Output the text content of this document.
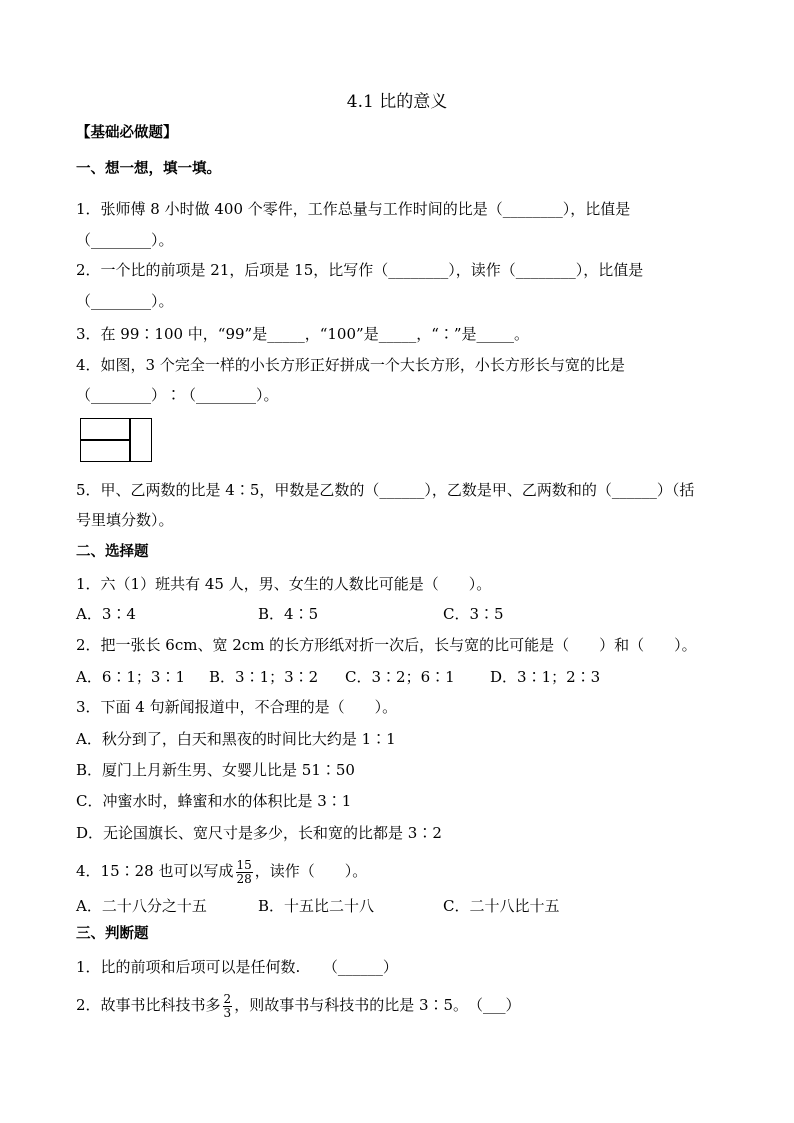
4.1 比的意义
【基础必做题】
一、想一想，填一填。
1．张师傅 8 小时做 400 个零件，工作总量与工作时间的比是（________），比值是
（________）。
2．一个比的前项是 21，后项是 15，比写作（________），读作（________），比值是
（________）。
3．在 99∶100 中，“99”是_____，“100”是_____，“∶”是_____。
4．如图，3 个完全一样的小长方形正好拼成一个大长方形，小长方形长与宽的比是
（________）∶（________）。
5．甲、乙两数的比是 4∶5，甲数是乙数的（______），乙数是甲、乙两数和的（______）（括
号里填分数）。
二、选择题
1．六（1）班共有 45 人，男、女生的人数比可能是（　　）。
A．3∶4	B．4∶5	C．3∶5
2．把一张长 6cm、宽 2cm 的长方形纸对折一次后，长与宽的比可能是（　　）和（　　）。
A．6∶1；3∶1 B．3∶1；3∶2 C．3∶2；6∶1 D．3∶1；2∶3
3．下面 4 句新闻报道中，不合理的是（　　）。
A．秋分到了，白天和黑夜的时间比大约是 1∶1
B．厦门上月新生男、女婴儿比是 51∶50
C．冲蜜水时，蜂蜜和水的体积比是 3∶1
D．无论国旗长、宽尺寸是多少，长和宽的比都是 3∶2
4．15∶28 也可以写成 $\frac{15}{28}$ ，读作（　　）。
A．二十八分之十五	B．十五比二十八	C．二十八比十五
三、判断题
1．比的前项和后项可以是任何数.　　（______）
2．故事书比科技书多 $\frac{2}{3}$ ，则故事书与科技书的比是 3∶5。　（___）
